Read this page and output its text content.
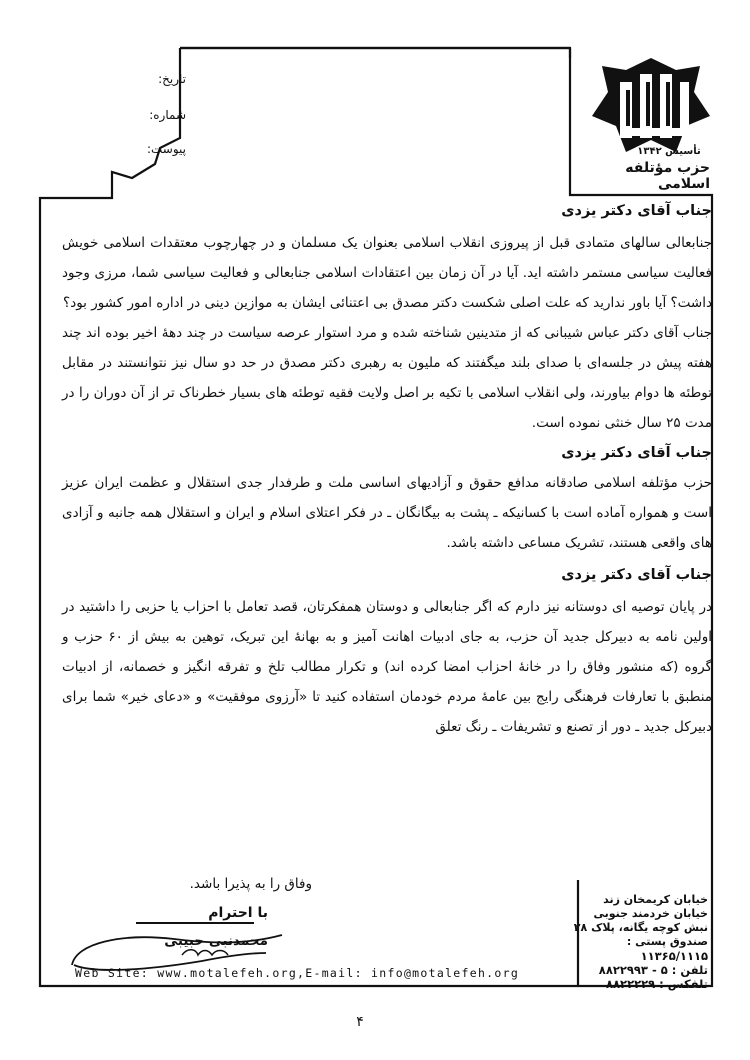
تأسیس ۱۳۴۲
حزب مؤتلفه اسلامی
تاریخ:
شماره:
پیوست:
جناب آقای دکتر یزدی

جنابعالی سالهای متمادی قبل از پیروزی انقلاب اسلامی بعنوان یک مسلمان و در چهارچوب معتقدات اسلامی خویش فعالیت سیاسی مستمر داشته اید. آیا در آن زمان بین اعتقادات اسلامی جنابعالی و فعالیت سیاسی شما، مرزی وجود داشت؟ آیا باور ندارید که علت اصلی شکست دکتر مصدق بی اعتنائی ایشان به موازین دینی در اداره امور کشور بود؟

جناب آقای دکتر عباس شیبانی که از متدینین شناخته شده و مرد استوار عرصه سیاست در چند دههٔ اخیر بوده اند چند هفته پیش در جلسه‌ای با صدای بلند میگفتند که ملیون به رهبری دکتر مصدق در حد دو سال نیز نتوانستند در مقابل توطئه ها دوام بیاورند، ولی انقلاب اسلامی با تکیه بر اصل ولایت فقیه توطئه های بسیار خطرناک تر از آن دوران را در مدت ۲۵ سال خنثی نموده است.

جناب آقای دکتر یزدی

حزب مؤتلفه اسلامی صادقانه مدافع حقوق و آزادیهای اساسی ملت و طرفدار جدی استقلال و عظمت ایران عزیز است و همواره آماده است با کسانیکه ـ پشت به بیگانگان ـ در فکر اعتلای اسلام و ایران و استقلال همه جانبه و آزادی های واقعی هستند، تشریک مساعی داشته باشد.

جناب آقای دکتر یزدی

در پایان توصیه ای دوستانه نیز دارم که اگر جنابعالی و دوستان همفکرتان، قصد تعامل با احزاب یا حزبی را داشتید در اولین نامه به دبیرکل جدید آن حزب، به جای ادبیات اهانت آمیز و به بهانهٔ این تبریک، توهین به بیش از ۶۰ حزب و گروه (که منشور وفاق را در خانهٔ احزاب امضا کرده اند) و تکرار مطالب تلخ و تفرقه انگیز و خصمانه، از ادبیات منطبق با تعارفات فرهنگی رایج بین عامهٔ مردم خودمان استفاده کنید تا «آرزوی موفقیت» و «دعای خیر» شما برای دبیرکل جدید ـ دور از تصنع و تشریفات ـ رنگ تعلق

وفاق را به پذیرا باشد.
با احترام
محمدنبی حبیبی
Web Site: www.motalefeh.org,E-mail: info@motalefeh.org
خیابان کریمخان زند
خیابان خردمند جنوبی
نبش کوچه یگانه، پلاک ۲۸
صندوق پستی :
۱۱۳۶۵/۱۱۱۵
تلفن : ۵ - ۸۸۲۲۹۹۳
تلفکس : ۸۸۲۲۲۲۹
۴
